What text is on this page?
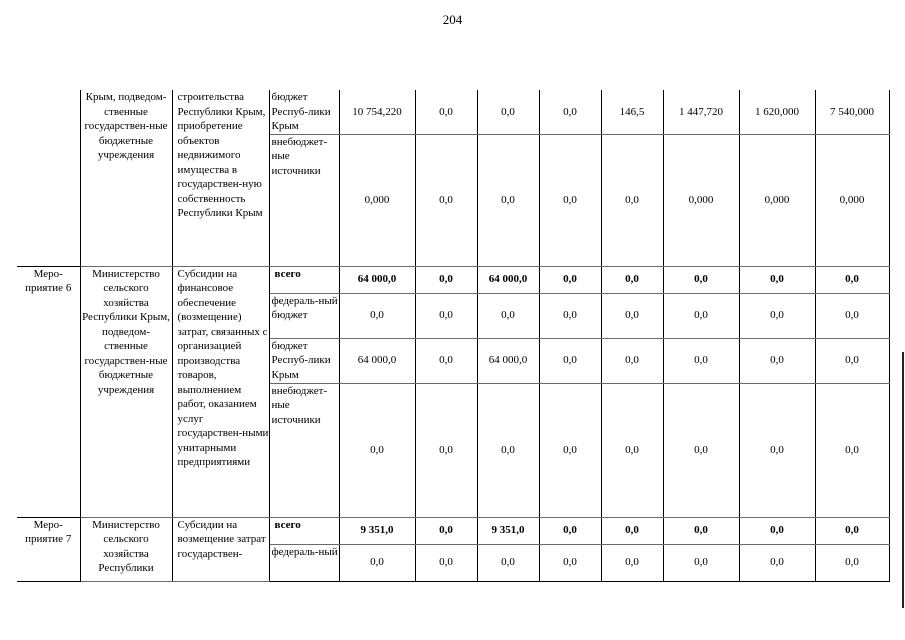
204
	Крым, подведом-ственные государствен-ные бюджетные учреждения	строительства Республики Крым, приобретение объектов недвижимого имущества в государствен-ную собственность Республики Крым	бюджет Респуб-лики Крым	10 754,220	0,0	0,0	0,0	146,5	1 447,720	1 620,000	7 540,000
			внебюджет-ные источники	0,000	0,0	0,0	0,0	0,0	0,000	0,000	0,000
Меро-приятие 6	Министерство сельского хозяйства Республики Крым, подведом-ственные государствен-ные бюджетные учреждения	Субсидии на финансовое обеспечение (возмещение) затрат, связанных с организацией производства товаров, выполнением работ, оказанием услуг государствен-ными унитарными предприятиями	всего	64 000,0	0,0	64 000,0	0,0	0,0	0,0	0,0	0,0
			федераль-ный бюджет	0,0	0,0	0,0	0,0	0,0	0,0	0,0	0,0
			бюджет Респуб-лики Крым	64 000,0	0,0	64 000,0	0,0	0,0	0,0	0,0	0,0
			внебюджет-ные источники	0,0	0,0	0,0	0,0	0,0	0,0	0,0	0,0
Меро-приятие 7	Министерство сельского хозяйства Республики	Субсидии на возмещение затрат государствен-	всего	9 351,0	0,0	9 351,0	0,0	0,0	0,0	0,0	0,0
			федераль-ный	0,0	0,0	0,0	0,0	0,0	0,0	0,0	0,0
